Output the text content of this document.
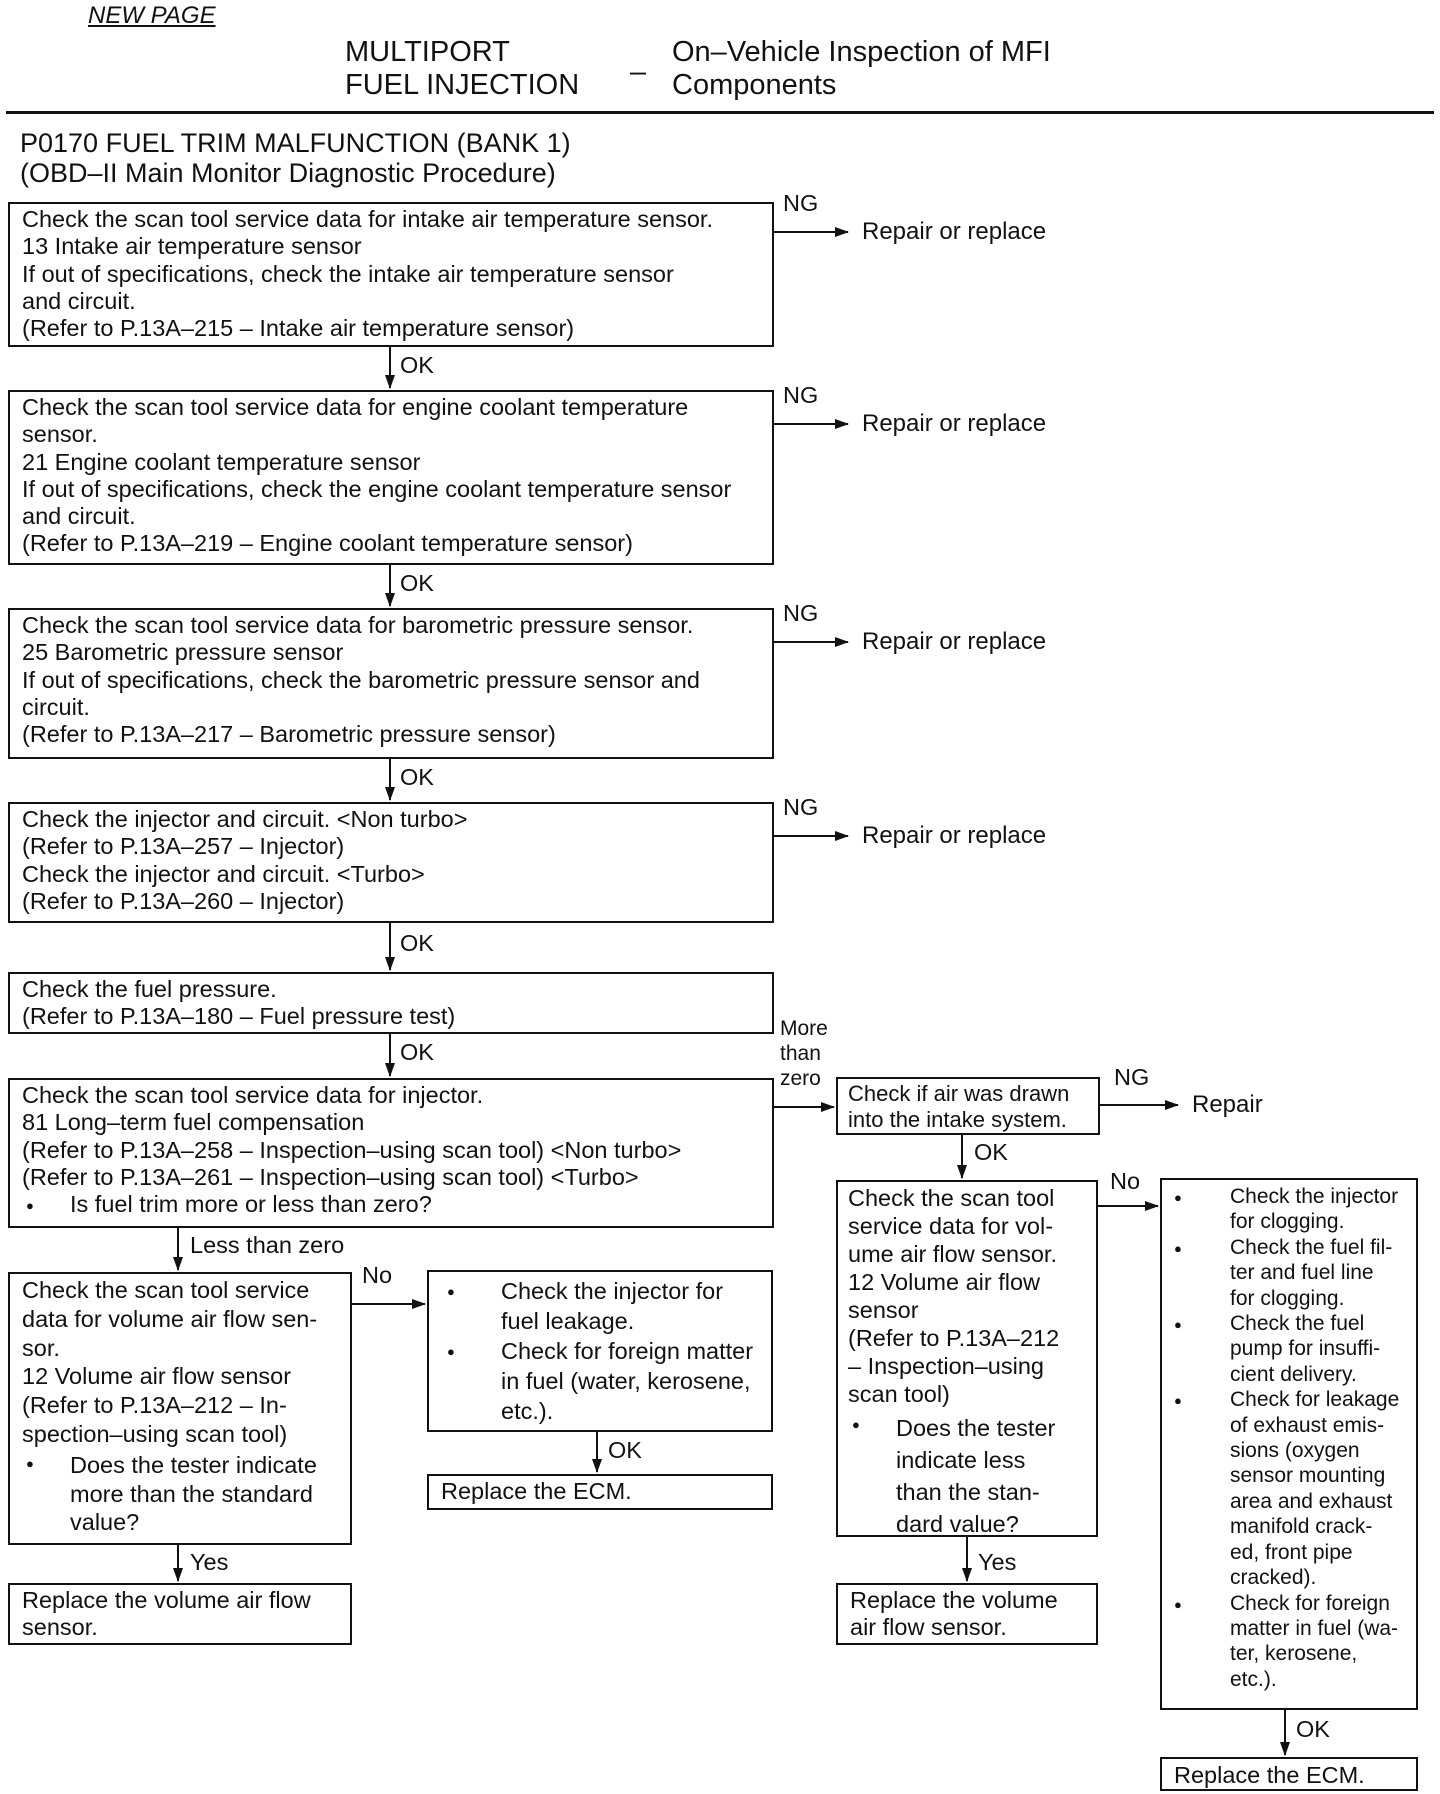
NEW PAGE
MULTIPORT
FUEL INJECTION –
On–Vehicle Inspection of MFI
Components
P0170 FUEL TRIM MALFUNCTION (BANK 1)
(OBD–II Main Monitor Diagnostic Procedure)
Check the scan tool service data for intake air temperature sensor.
13 Intake air temperature sensor
If out of specifications, check the intake air temperature sensor
and circuit.
(Refer to P.13A–215 – Intake air temperature sensor)
Check the scan tool service data for engine coolant temperature
sensor.
21 Engine coolant temperature sensor
If out of specifications, check the engine coolant temperature sensor
and circuit.
(Refer to P.13A–219 – Engine coolant temperature sensor)
Check the scan tool service data for barometric pressure sensor.
25 Barometric pressure sensor
If out of specifications, check the barometric pressure sensor and
circuit.
(Refer to P.13A–217 – Barometric pressure sensor)
Check the injector and circuit. <Non turbo>
(Refer to P.13A–257 – Injector)
Check the injector and circuit. <Turbo>
(Refer to P.13A–260 – Injector)
Check the fuel pressure.
(Refer to P.13A–180 – Fuel pressure test)
Check the scan tool service data for injector.
81 Long–term fuel compensation
(Refer to P.13A–258 – Inspection–using scan tool) <Non turbo>
(Refer to P.13A–261 – Inspection–using scan tool) <Turbo>
● Is fuel trim more or less than zero?
Check the scan tool service
data for volume air flow sen-
sor.
12 Volume air flow sensor
(Refer to P.13A–212 – In-
spection–using scan tool)
● Does the tester indicate
more than the standard
value?
● Check the injector for
fuel leakage.
● Check for foreign matter
in fuel (water, kerosene,
etc.).
Replace the ECM.
Replace the volume air flow
sensor.
Check if air was drawn
into the intake system.
Check the scan tool
service data for vol-
ume air flow sensor.
12 Volume air flow
sensor
(Refer to P.13A–212
– Inspection–using
scan tool)
● Does the tester
indicate less
than the stan-
dard value?
Replace the volume
air flow sensor.
● Check the injector
for clogging.
● Check the fuel fil-
ter and fuel line
for clogging.
● Check the fuel
pump for insuffi-
cient delivery.
● Check for leakage
of exhaust emis-
sions (oxygen
sensor mounting
area and exhaust
manifold crack-
ed, front pipe
cracked).
● Check for foreign
matter in fuel (wa-
ter, kerosene,
etc.).
Replace the ECM.
NG
NG
NG
NG
Repair or replace
Repair or replace
Repair or replace
Repair or replace
OK
OK
OK
OK
OK
More
than
zero
Less than zero
No
OK
Yes
NG
Repair
OK
No
Yes
OK
